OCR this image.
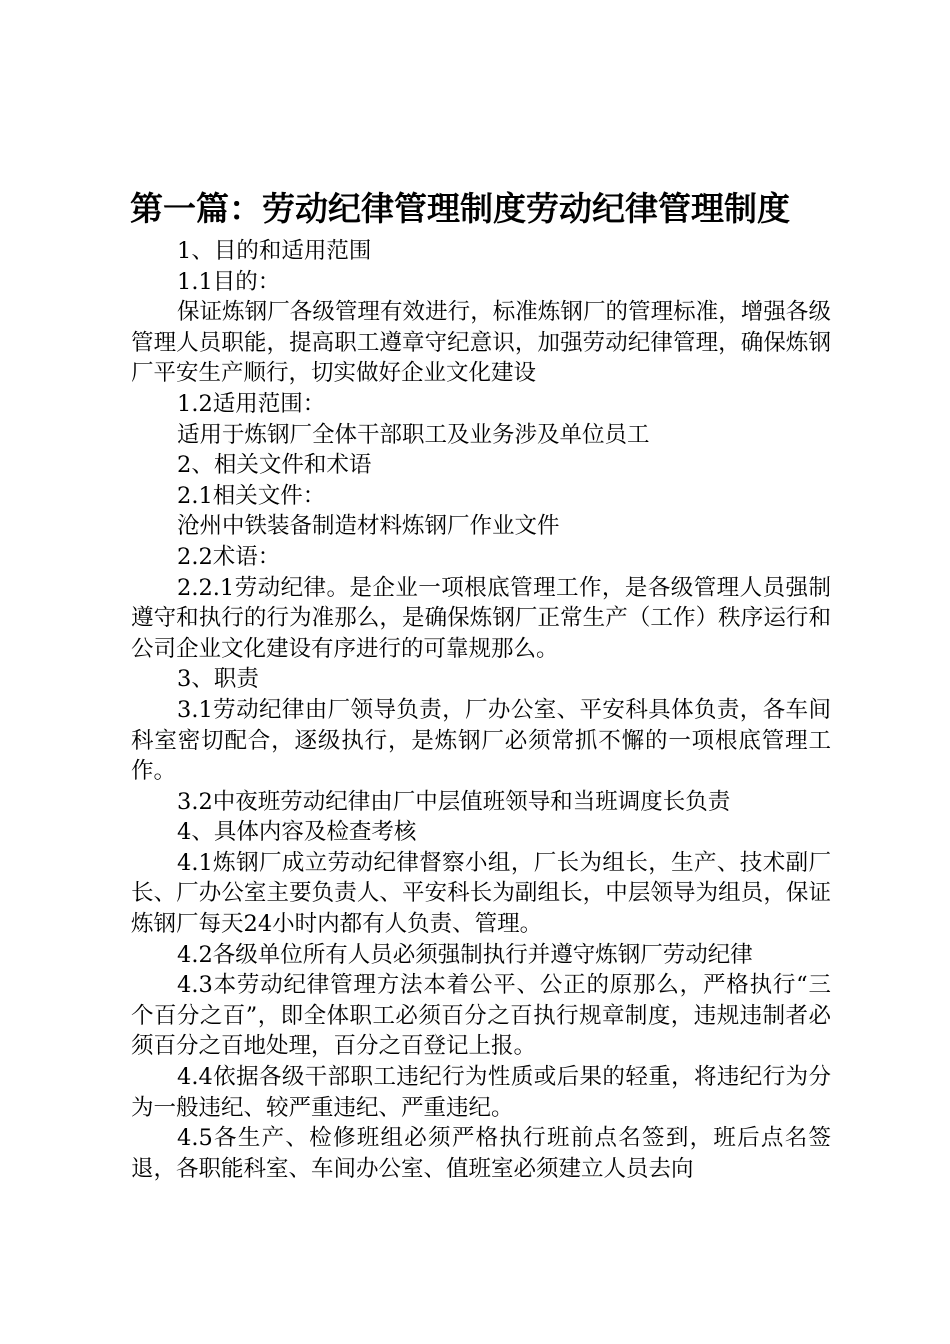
第一篇：劳动纪律管理制度劳动纪律管理制度

1、目的和适用范围

1.1目的：

保证炼钢厂各级管理有效进行，标准炼钢厂的管理标准，增强各级管理人员职能，提高职工遵章守纪意识，加强劳动纪律管理，确保炼钢厂平安生产顺行，切实做好企业文化建设

1.2适用范围：

适用于炼钢厂全体干部职工及业务涉及单位员工

2、相关文件和术语

2.1相关文件：

沧州中铁装备制造材料炼钢厂作业文件

2.2术语：

2.2.1劳动纪律。是企业一项根底管理工作，是各级管理人员强制遵守和执行的行为准那么，是确保炼钢厂正常生产（工作）秩序运行和公司企业文化建设有序进行的可靠规那么。

3、职责

3.1劳动纪律由厂领导负责，厂办公室、平安科具体负责，各车间科室密切配合，逐级执行，是炼钢厂必须常抓不懈的一项根底管理工作。

3.2中夜班劳动纪律由厂中层值班领导和当班调度长负责

4、具体内容及检查考核

4.1炼钢厂成立劳动纪律督察小组，厂长为组长，生产、技术副厂长、厂办公室主要负责人、平安科长为副组长，中层领导为组员，保证炼钢厂每天24小时内都有人负责、管理。

4.2各级单位所有人员必须强制执行并遵守炼钢厂劳动纪律

4.3本劳动纪律管理方法本着公平、公正的原那么，严格执行“三个百分之百”，即全体职工必须百分之百执行规章制度，违规违制者必须百分之百地处理，百分之百登记上报。

4.4依据各级干部职工违纪行为性质或后果的轻重，将违纪行为分为一般违纪、较严重违纪、严重违纪。

4.5各生产、检修班组必须严格执行班前点名签到，班后点名签退，各职能科室、车间办公室、值班室必须建立人员去向
